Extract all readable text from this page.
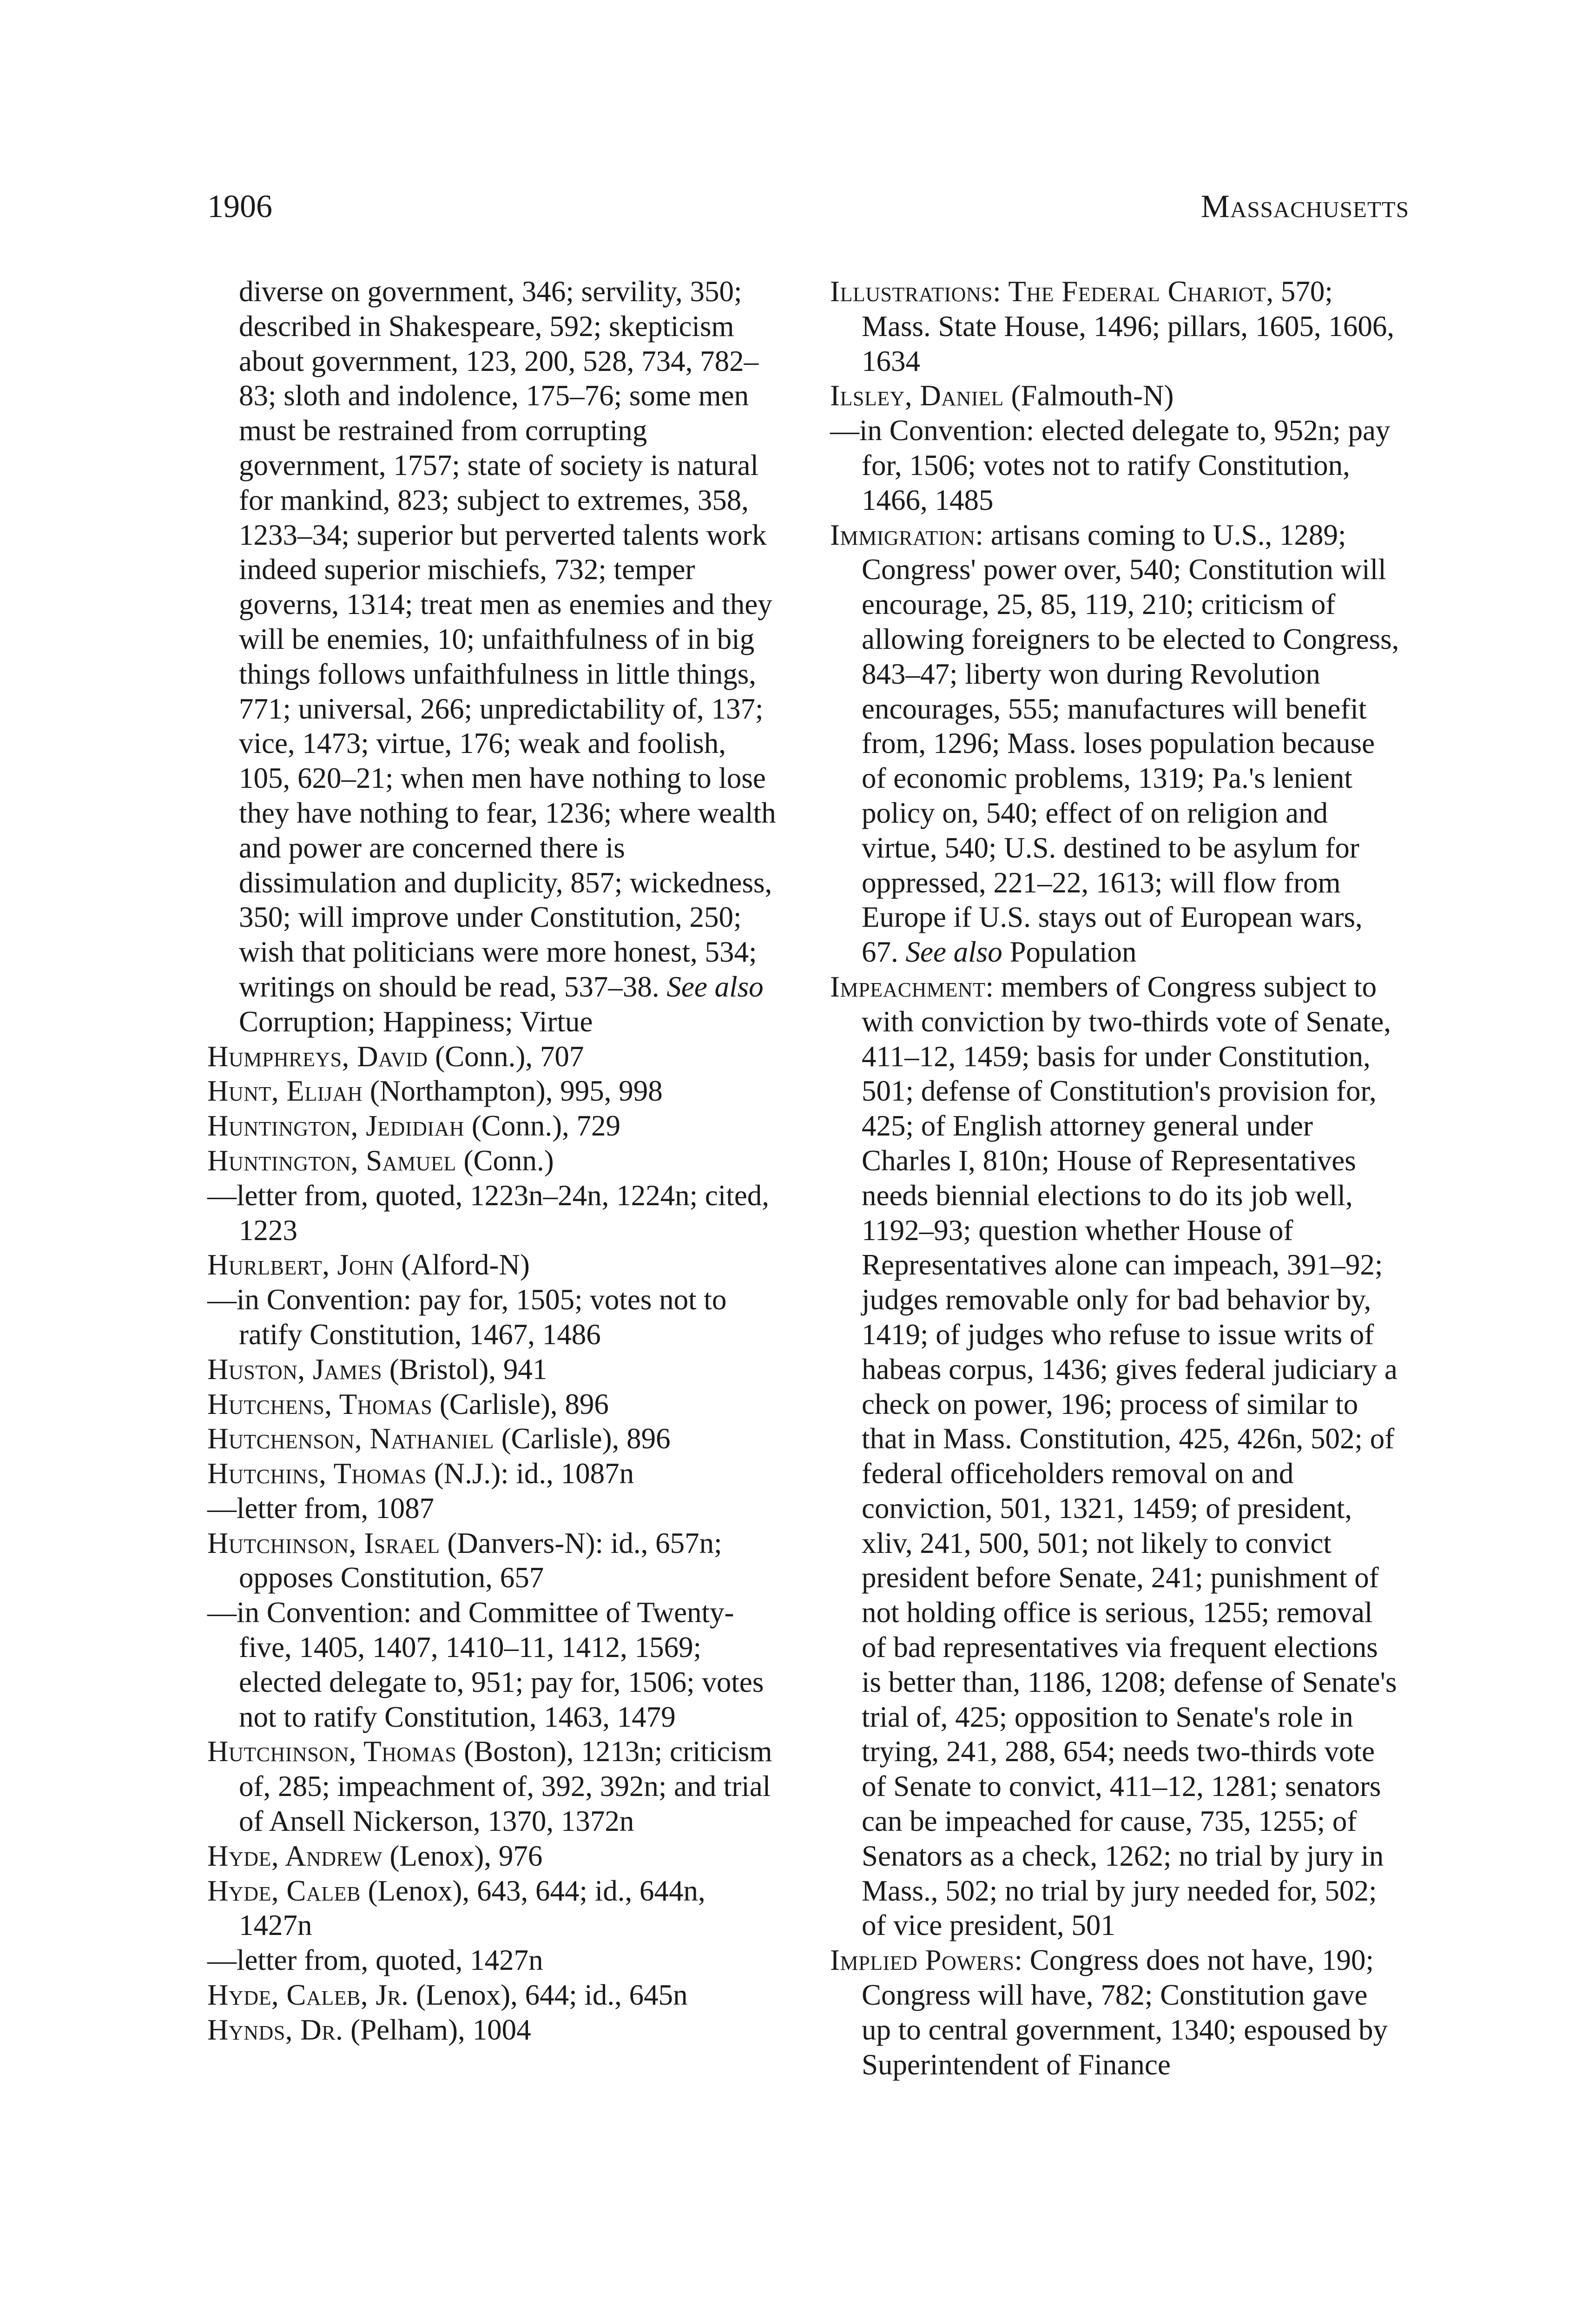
1906	Massachusetts
diverse on government, 346; servility, 350; described in Shakespeare, 592; skepticism about government, 123, 200, 528, 734, 782–83; sloth and indolence, 175–76; some men must be restrained from corrupting government, 1757; state of society is natural for mankind, 823; subject to extremes, 358, 1233–34; superior but perverted talents work indeed superior mischiefs, 732; temper governs, 1314; treat men as enemies and they will be enemies, 10; unfaithfulness of in big things follows unfaithfulness in little things, 771; universal, 266; unpredictability of, 137; vice, 1473; virtue, 176; weak and foolish, 105, 620–21; when men have nothing to lose they have nothing to fear, 1236; where wealth and power are concerned there is dissimulation and duplicity, 857; wickedness, 350; will improve under Constitution, 250; wish that politicians were more honest, 534; writings on should be read, 537–38. See also Corruption; Happiness; Virtue
Humphreys, David (Conn.), 707
Hunt, Elijah (Northampton), 995, 998
Huntington, Jedidiah (Conn.), 729
Huntington, Samuel (Conn.)
—letter from, quoted, 1223n–24n, 1224n; cited, 1223
Hurlbert, John (Alford-N)
—in Convention: pay for, 1505; votes not to ratify Constitution, 1467, 1486
Huston, James (Bristol), 941
Hutchens, Thomas (Carlisle), 896
Hutchenson, Nathaniel (Carlisle), 896
Hutchins, Thomas (N.J.): id., 1087n
—letter from, 1087
Hutchinson, Israel (Danvers-N): id., 657n; opposes Constitution, 657
—in Convention: and Committee of Twenty-five, 1405, 1407, 1410–11, 1412, 1569; elected delegate to, 951; pay for, 1506; votes not to ratify Constitution, 1463, 1479
Hutchinson, Thomas (Boston), 1213n; criticism of, 285; impeachment of, 392, 392n; and trial of Ansell Nickerson, 1370, 1372n
Hyde, Andrew (Lenox), 976
Hyde, Caleb (Lenox), 643, 644; id., 644n, 1427n
—letter from, quoted, 1427n
Hyde, Caleb, Jr. (Lenox), 644; id., 645n
Hynds, Dr. (Pelham), 1004
Illustrations: The Federal Chariot, 570; Mass. State House, 1496; pillars, 1605, 1606, 1634
Ilsley, Daniel (Falmouth-N)
—in Convention: elected delegate to, 952n; pay for, 1506; votes not to ratify Constitution, 1466, 1485
Immigration: artisans coming to U.S., 1289; Congress' power over, 540; Constitution will encourage, 25, 85, 119, 210; criticism of allowing foreigners to be elected to Congress, 843–47; liberty won during Revolution encourages, 555; manufactures will benefit from, 1296; Mass. loses population because of economic problems, 1319; Pa.'s lenient policy on, 540; effect of on religion and virtue, 540; U.S. destined to be asylum for oppressed, 221–22, 1613; will flow from Europe if U.S. stays out of European wars, 67. See also Population
Impeachment: members of Congress subject to with conviction by two-thirds vote of Senate, 411–12, 1459; basis for under Constitution, 501; defense of Constitution's provision for, 425; of English attorney general under Charles I, 810n; House of Representatives needs biennial elections to do its job well, 1192–93; question whether House of Representatives alone can impeach, 391–92; judges removable only for bad behavior by, 1419; of judges who refuse to issue writs of habeas corpus, 1436; gives federal judiciary a check on power, 196; process of similar to that in Mass. Constitution, 425, 426n, 502; of federal officeholders removal on and conviction, 501, 1321, 1459; of president, xliv, 241, 500, 501; not likely to convict president before Senate, 241; punishment of not holding office is serious, 1255; removal of bad representatives via frequent elections is better than, 1186, 1208; defense of Senate's trial of, 425; opposition to Senate's role in trying, 241, 288, 654; needs two-thirds vote of Senate to convict, 411–12, 1281; senators can be impeached for cause, 735, 1255; of Senators as a check, 1262; no trial by jury in Mass., 502; no trial by jury needed for, 502; of vice president, 501
Implied Powers: Congress does not have, 190; Congress will have, 782; Constitution gave up to central government, 1340; espoused by Superintendent of Finance
